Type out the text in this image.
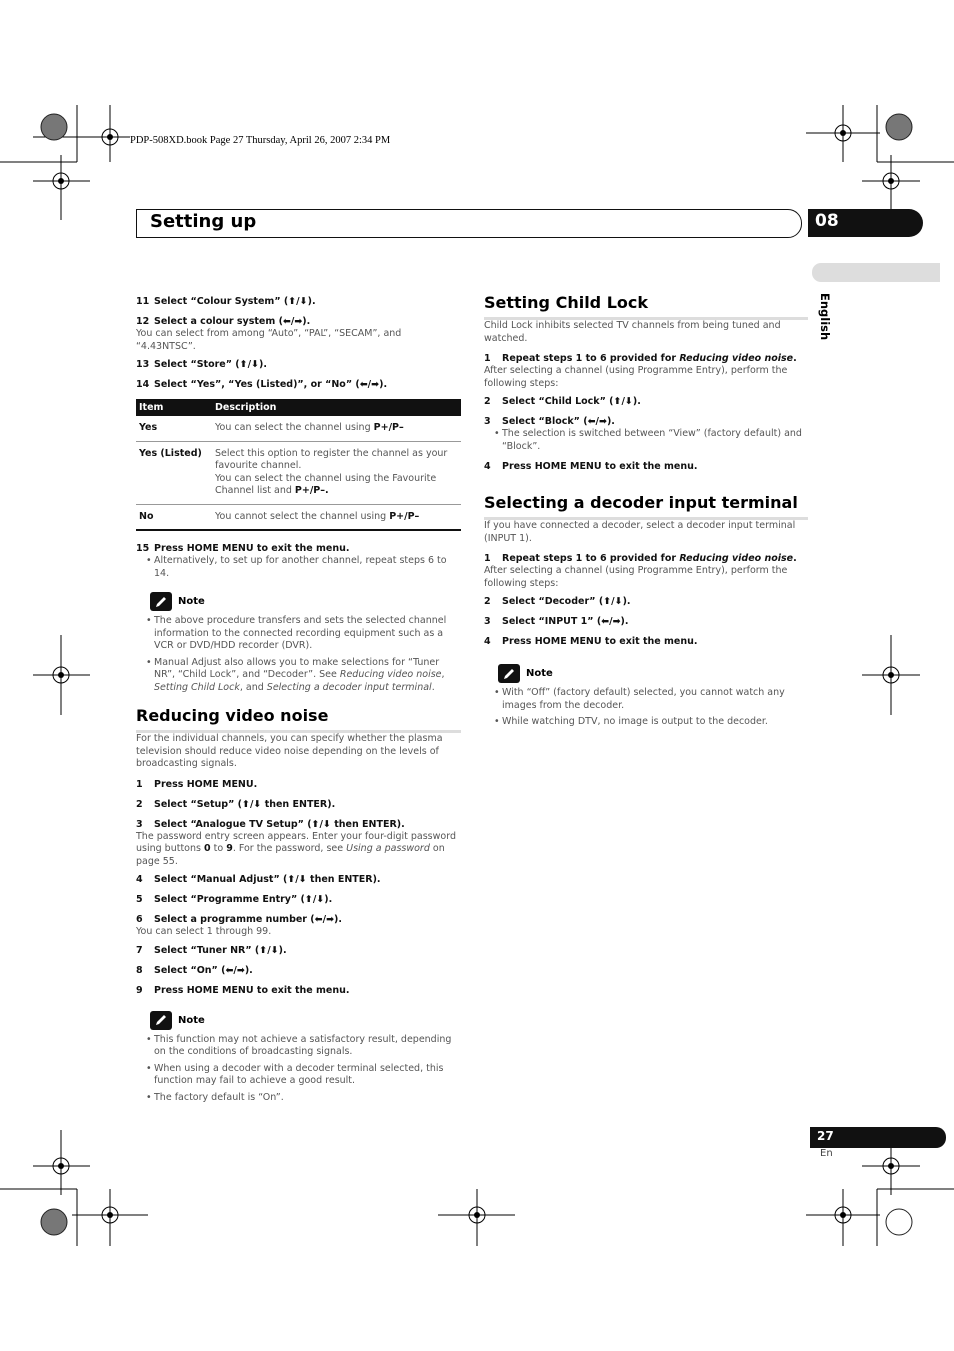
PDP-508XD.book Page 27 Thursday, April 26, 2007 2:34 PM
Setting up	08
English
27
En

11 Select “Colour System” (⬆/⬇).

12 Select a colour system (⬅/➡).

You can select from among “Auto”, “PAL”, “SECAM”, and “4.43NTSC”.

13 Select “Store” (⬆/⬇).

14 Select “Yes”, “Yes (Listed)”, or “No” (⬅/➡).

Item	Description
Yes	You can select the channel using P+/P–
Yes (Listed)	Select this option to register the channel as your favourite channel.
You can select the channel using the Favourite Channel list and P+/P–.
No	You cannot select the channel using P+/P–

15 Press HOME MENU to exit the menu.

• Alternatively, to set up for another channel, repeat steps 6 to 14.

Note

• The above procedure transfers and sets the selected channel information to the connected recording equipment such as a VCR or DVD/HDD recorder (DVR).

• Manual Adjust also allows you to make selections for “Tuner NR”, “Child Lock”, and “Decoder”. See Reducing video noise, Setting Child Lock, and Selecting a decoder input terminal.

Reducing video noise

For the individual channels, you can specify whether the plasma television should reduce video noise depending on the levels of broadcasting signals.

1 Press HOME MENU.

2 Select “Setup” (⬆/⬇ then ENTER).

3 Select “Analogue TV Setup” (⬆/⬇ then ENTER).

The password entry screen appears. Enter your four-digit password using buttons 0 to 9. For the password, see Using a password on page 55.

4 Select “Manual Adjust” (⬆/⬇ then ENTER).

5 Select “Programme Entry” (⬆/⬇).

6 Select a programme number (⬅/➡).

You can select 1 through 99.

7 Select “Tuner NR” (⬆/⬇).

8 Select “On” (⬅/➡).

9 Press HOME MENU to exit the menu.

Note

• This function may not achieve a satisfactory result, depending on the conditions of broadcasting signals.

• When using a decoder with a decoder terminal selected, this function may fail to achieve a good result.

• The factory default is “On”.

Setting Child Lock

Child Lock inhibits selected TV channels from being tuned and watched.

1 Repeat steps 1 to 6 provided for Reducing video noise.

After selecting a channel (using Programme Entry), perform the following steps:

2 Select “Child Lock” (⬆/⬇).

3 Select “Block” (⬅/➡).

• The selection is switched between “View” (factory default) and “Block”.

4 Press HOME MENU to exit the menu.

Selecting a decoder input terminal

If you have connected a decoder, select a decoder input terminal (INPUT 1).

1 Repeat steps 1 to 6 provided for Reducing video noise.

After selecting a channel (using Programme Entry), perform the following steps:

2 Select “Decoder” (⬆/⬇).

3 Select “INPUT 1” (⬅/➡).

4 Press HOME MENU to exit the menu.

Note

• With “Off” (factory default) selected, you cannot watch any images from the decoder.

• While watching DTV, no image is output to the decoder.
